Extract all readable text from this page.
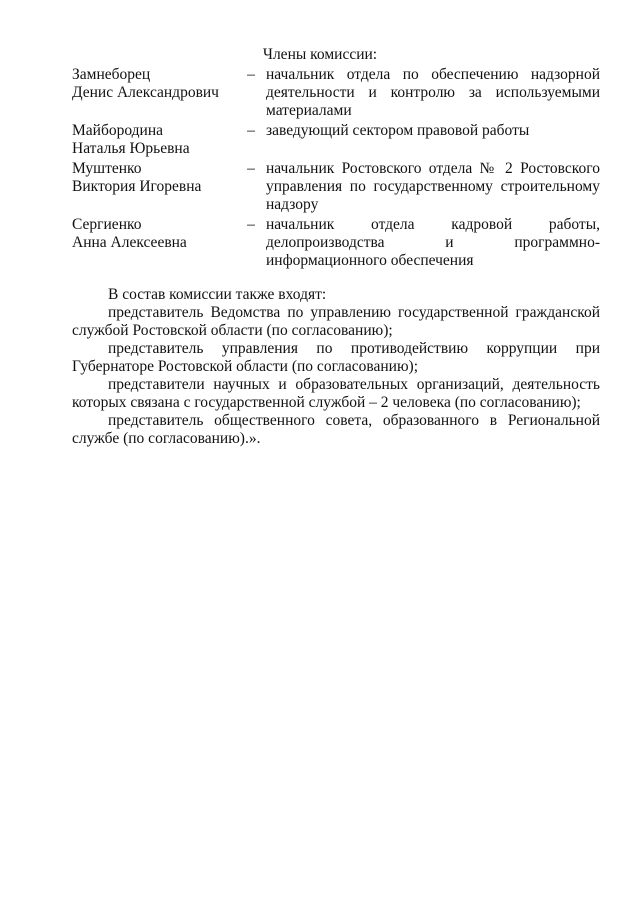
Члены комиссии:
Замнеборец
Денис Александрович
– начальник отдела по обеспечению надзорной деятельности и контролю за используемыми материалами
Майбородина
Наталья Юрьевна
– заведующий сектором правовой работы
Муштенко
Виктория Игоревна
– начальник Ростовского отдела № 2 Ростовского управления по государственному строительному надзору
Сергиенко
Анна Алексеевна
– начальник отдела кадровой работы, делопроизводства и программно-информационного обеспечения

В состав комиссии также входят:

представитель Ведомства по управлению государственной гражданской службой Ростовской области (по согласованию);

представитель управления по противодействию коррупции при Губернаторе Ростовской области (по согласованию);

представители научных и образовательных организаций, деятельность которых связана с государственной службой – 2 человека (по согласованию);

представитель общественного совета, образованного в Региональной службе (по согласованию).».
